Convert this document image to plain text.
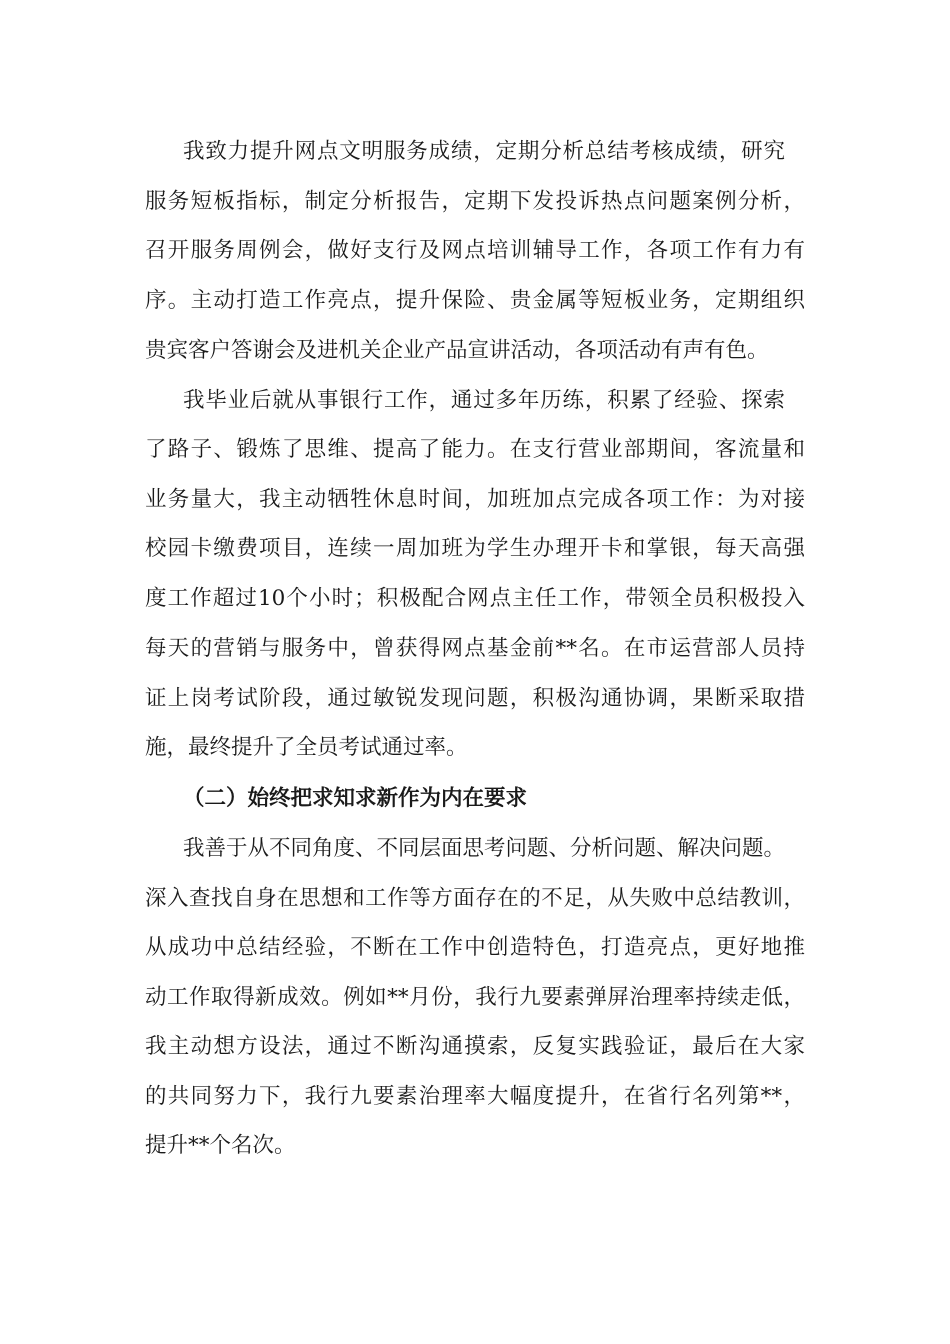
我致力提升网点文明服务成绩，定期分析总结考核成绩，研究
服务短板指标，制定分析报告，定期下发投诉热点问题案例分析，
召开服务周例会，做好支行及网点培训辅导工作，各项工作有力有
序。主动打造工作亮点，提升保险、贵金属等短板业务，定期组织
贵宾客户答谢会及进机关企业产品宣讲活动，各项活动有声有色。
我毕业后就从事银行工作，通过多年历练，积累了经验、探索
了路子、锻炼了思维、提高了能力。在支行营业部期间，客流量和
业务量大，我主动牺牲休息时间，加班加点完成各项工作：为对接
校园卡缴费项目，连续一周加班为学生办理开卡和掌银，每天高强
度工作超过10个小时；积极配合网点主任工作，带领全员积极投入
每天的营销与服务中，曾获得网点基金前**名。在市运营部人员持
证上岗考试阶段，通过敏锐发现问题，积极沟通协调，果断采取措
施，最终提升了全员考试通过率。
（二）始终把求知求新作为内在要求
我善于从不同角度、不同层面思考问题、分析问题、解决问题。
深入查找自身在思想和工作等方面存在的不足，从失败中总结教训，
从成功中总结经验，不断在工作中创造特色，打造亮点，更好地推
动工作取得新成效。例如**月份，我行九要素弹屏治理率持续走低，
我主动想方设法，通过不断沟通摸索，反复实践验证，最后在大家
的共同努力下，我行九要素治理率大幅度提升，在省行名列第**，
提升**个名次。
